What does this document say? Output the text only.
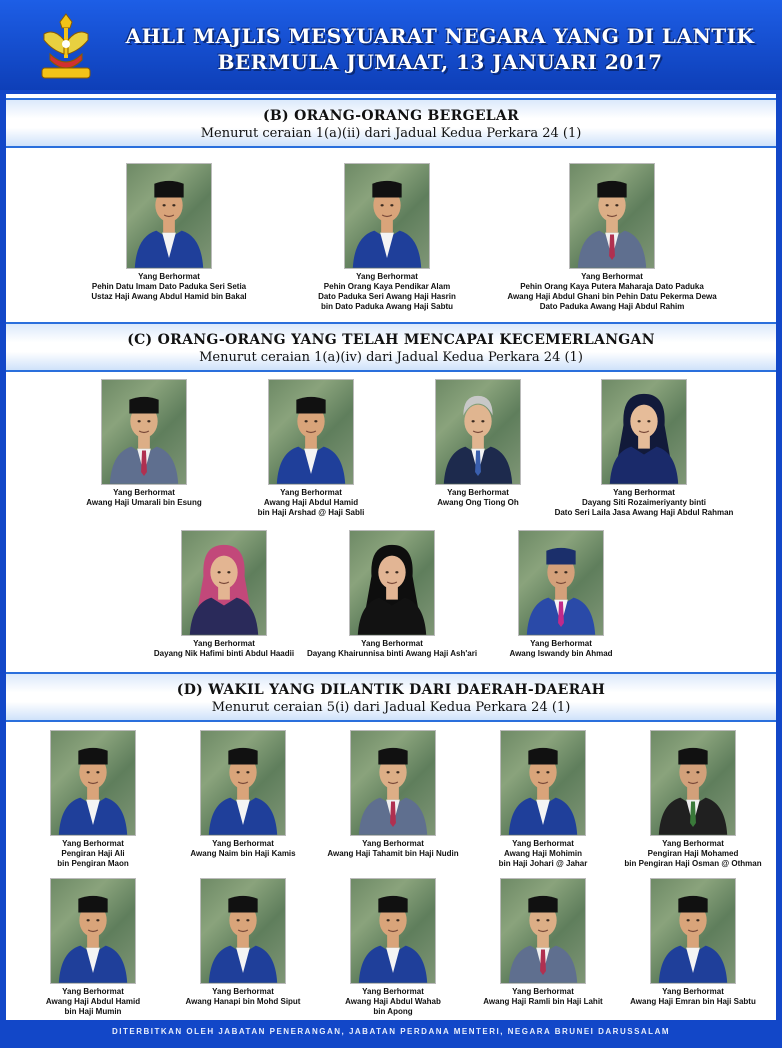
AHLI MAJLIS MESYUARAT NEGARA YANG DI LANTIK
BERMULA JUMAAT, 13 JANUARI 2017
(B) ORANG-ORANG BERGELAR
Menurut ceraian 1(a)(ii) dari Jadual Kedua Perkara 24 (1)
Yang Berhormat
Pehin Datu Imam Dato Paduka Seri Setia
Ustaz Haji Awang Abdul Hamid bin Bakal
Yang Berhormat
Pehin Orang Kaya Pendikar Alam
Dato Paduka Seri Awang Haji Hasrin
bin Dato Paduka Awang Haji Sabtu
Yang Berhormat
Pehin Orang Kaya Putera Maharaja Dato Paduka
Awang Haji Abdul Ghani bin Pehin Datu Pekerma Dewa
Dato Paduka Awang Haji Abdul Rahim
(C) ORANG-ORANG YANG TELAH MENCAPAI KECEMERLANGAN
Menurut ceraian 1(a)(iv) dari Jadual Kedua Perkara 24 (1)
Yang Berhormat
Awang Haji Umarali bin Esung
Yang Berhormat
Awang Haji Abdul Hamid
bin Haji Arshad @ Haji Sabli
Yang Berhormat
Awang Ong Tiong Oh
Yang Berhormat
Dayang Siti Rozaimeriyanty binti
Dato Seri Laila Jasa Awang Haji Abdul Rahman
Yang Berhormat
Dayang Nik Hafimi binti Abdul Haadii
Yang Berhormat
Dayang Khairunnisa binti Awang Haji Ash'ari
Yang Berhormat
Awang Iswandy bin Ahmad
(D) WAKIL YANG DILANTIK DARI DAERAH-DAERAH
Menurut ceraian 5(i) dari Jadual Kedua Perkara 24 (1)
Yang Berhormat
Pengiran Haji Ali
bin Pengiran Maon
Yang Berhormat
Awang Naim bin Haji Kamis
Yang Berhormat
Awang Haji Tahamit bin Haji Nudin
Yang Berhormat
Awang Haji Mohimin
bin Haji Johari @ Jahar
Yang Berhormat
Pengiran Haji Mohamed
bin Pengiran Haji Osman @ Othman
Yang Berhormat
Awang Haji Abdul Hamid
bin Haji Mumin
Yang Berhormat
Awang Hanapi bin Mohd Siput
Yang Berhormat
Awang Haji Abdul Wahab
bin Apong
Yang Berhormat
Awang Haji Ramli bin Haji Lahit
Yang Berhormat
Awang Haji Emran bin Haji Sabtu
DITERBITKAN OLEH JABATAN PENERANGAN, JABATAN PERDANA MENTERI, NEGARA BRUNEI DARUSSALAM
